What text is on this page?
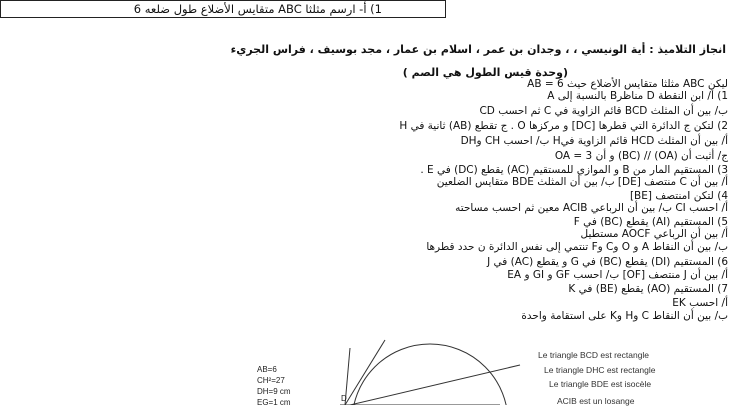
1) أ- ارسم مثلثا ABC متقايس الأضلاع طول ضلعه 6
انجاز التلاميذ : أية الونيسي ، ، وجدان بن عمر ، اسلام بن عمار ، مجد بوسيف ، فراس الجريء
(وحدة قيس الطول هي الصم )
ليكن ABC مثلثا متقايس الأضلاع حيث AB = 6
1) أ/ ابن النقطة D مناظرB بالنسبة إلى A
ب/ بين أن المثلث BCD قائم الزاوية في C ثم احسب CD
2) لتكن ج الدائرة التي قطرها [DC] و مركزها O . ج تقطع (AB) ثانية في H
أ/ بين أن المثلث HCD قائم الزاوية فيH ب/ احسب CH وDH
ج/ أثبت أن (OA) // (BC) و أن OA = 3
3) المستقيم المار من B و الموازي للمستقيم (AC) يقطع (DC) في E .
أ/ بين أن C منتصف [DE] ب/ بين أن المثلث BDE متقايس الضلعين
4) لتكن Iمنتصف [BE]
أ/ احسب CI ب/ بين أن الرباعي ACIB معين ثم احسب مساحته
5) المستقيم (AI) يقطع (BC) في F
أ/ بين أن الرباعي AOCF مستطيل
ب/ بين أن النقاط A و O وC وF تنتمي إلى نفس الدائرة ن حدد قطرها
6) المستقيم (DI) يقطع (BC) في G و يقطع (AC) في J
أ/ بين أن J منتصف [OF] ب/ احسب GF و GI و EA
7) المستقيم (AO) يقطع (BE) في K
أ/ احسب EK
ب/ بين أن النقاط C وH وK على استقامة واحدة
AB=6
CH²=27
DH=9 cm
EG=1 cm	D
Le triangle BCD est rectangle
Le triangle DHC est rectangle
Le triangle BDE est isocèle
ACIB est un losange
